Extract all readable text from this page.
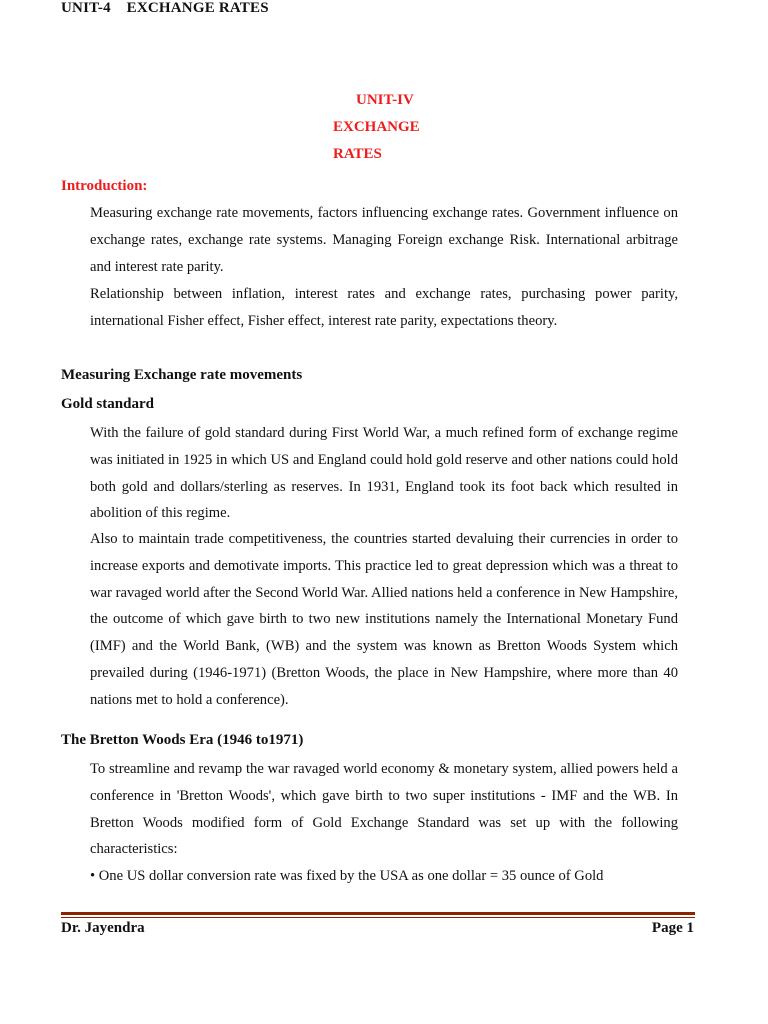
UNIT-4    EXCHANGE RATES
UNIT-IV
EXCHANGE
RATES
Introduction:

Measuring exchange rate movements, factors influencing exchange rates. Government influence on exchange rates, exchange rate systems. Managing Foreign exchange Risk. International arbitrage and interest rate parity.

Relationship between inflation, interest rates and exchange rates, purchasing power parity, international Fisher effect, Fisher effect, interest rate parity, expectations theory.

Measuring Exchange rate movements
Gold standard

With the failure of gold standard during First World War, a much refined form of exchange regime was initiated in 1925 in which US and England could hold gold reserve and other nations could hold both gold and dollars/sterling as reserves. In 1931, England took its foot back which resulted in abolition of this regime.

Also to maintain trade competitiveness, the countries started devaluing their currencies in order to increase exports and demotivate imports. This practice led to great depression which was a threat to war ravaged world after the Second World War. Allied nations held a conference in New Hampshire, the outcome of which gave birth to two new institutions namely the International Monetary Fund (IMF) and the World Bank, (WB) and the system was known as Bretton Woods System which prevailed during (1946-1971) (Bretton Woods, the place in New Hampshire, where more than 40 nations met to hold a conference).

The Bretton Woods Era (1946 to1971)

To streamline and revamp the war ravaged world economy & monetary system, allied powers held a conference in 'Bretton Woods', which gave birth to two super institutions - IMF and the WB. In Bretton Woods modified form of Gold Exchange Standard was set up with the following characteristics:

• One US dollar conversion rate was fixed by the USA as one dollar = 35 ounce of Gold

Dr. Jayendra	Page 1
